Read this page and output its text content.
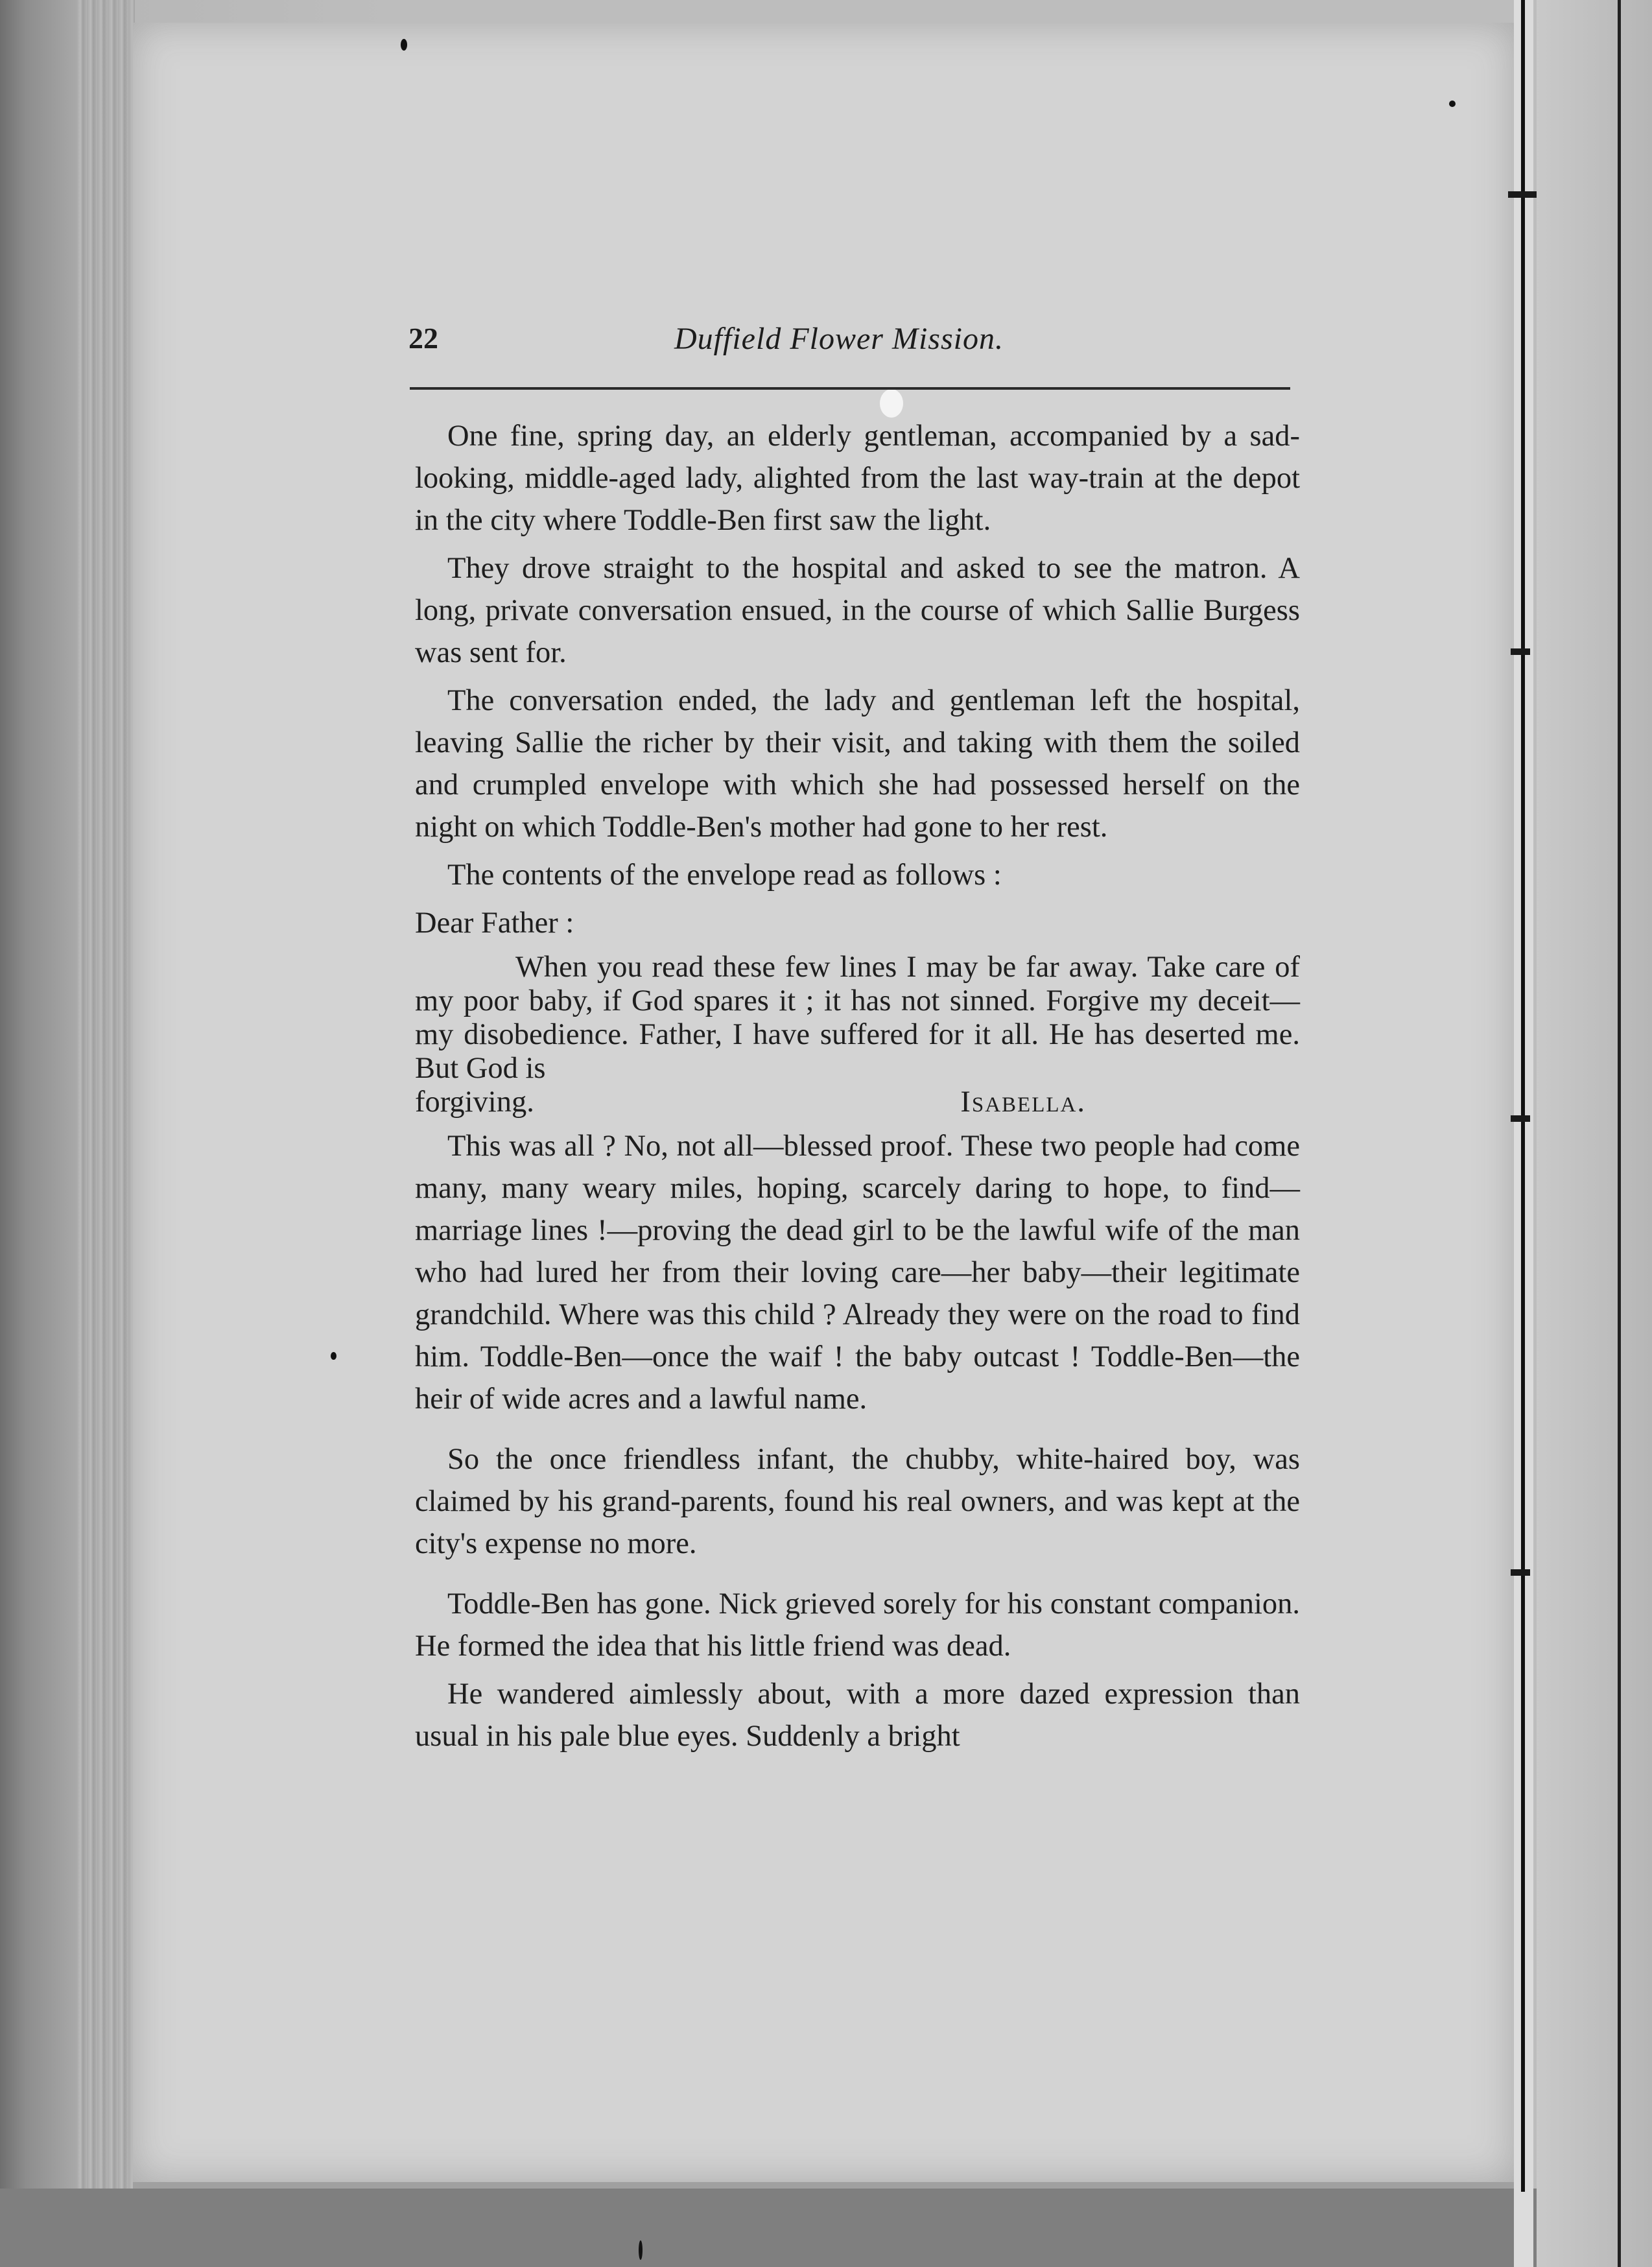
22	Duffield Flower Mission.

One fine, spring day, an elderly gentleman, accompanied by a sad-looking, middle-aged lady, alighted from the last way-train at the depot in the city where Toddle-Ben first saw the light.

They drove straight to the hospital and asked to see the matron. A long, private conversation ensued, in the course of which Sallie Burgess was sent for.

The conversation ended, the lady and gentleman left the hospital, leaving Sallie the richer by their visit, and taking with them the soiled and crumpled envelope with which she had possessed herself on the night on which Toddle-Ben's mother had gone to her rest.

The contents of the envelope read as follows :

Dear Father :

When you read these few lines I may be far away. Take care of my poor baby, if God spares it ; it has not sinned. Forgive my deceit—my disobedience. Father, I have suffered for it all. He has deserted me. But God is
forgiving.	Isabella.

This was all ? No, not all—blessed proof. These two people had come many, many weary miles, hoping, scarcely daring to hope, to find—marriage lines !—proving the dead girl to be the lawful wife of the man who had lured her from their loving care—her baby—their legitimate grandchild. Where was this child ? Already they were on the road to find him. Toddle-Ben—once the waif ! the baby outcast ! Toddle-Ben—the heir of wide acres and a lawful name.

So the once friendless infant, the chubby, white-haired boy, was claimed by his grand-parents, found his real owners, and was kept at the city's expense no more.

Toddle-Ben has gone. Nick grieved sorely for his constant companion. He formed the idea that his little friend was dead.

He wandered aimlessly about, with a more dazed expression than usual in his pale blue eyes. Suddenly a bright
